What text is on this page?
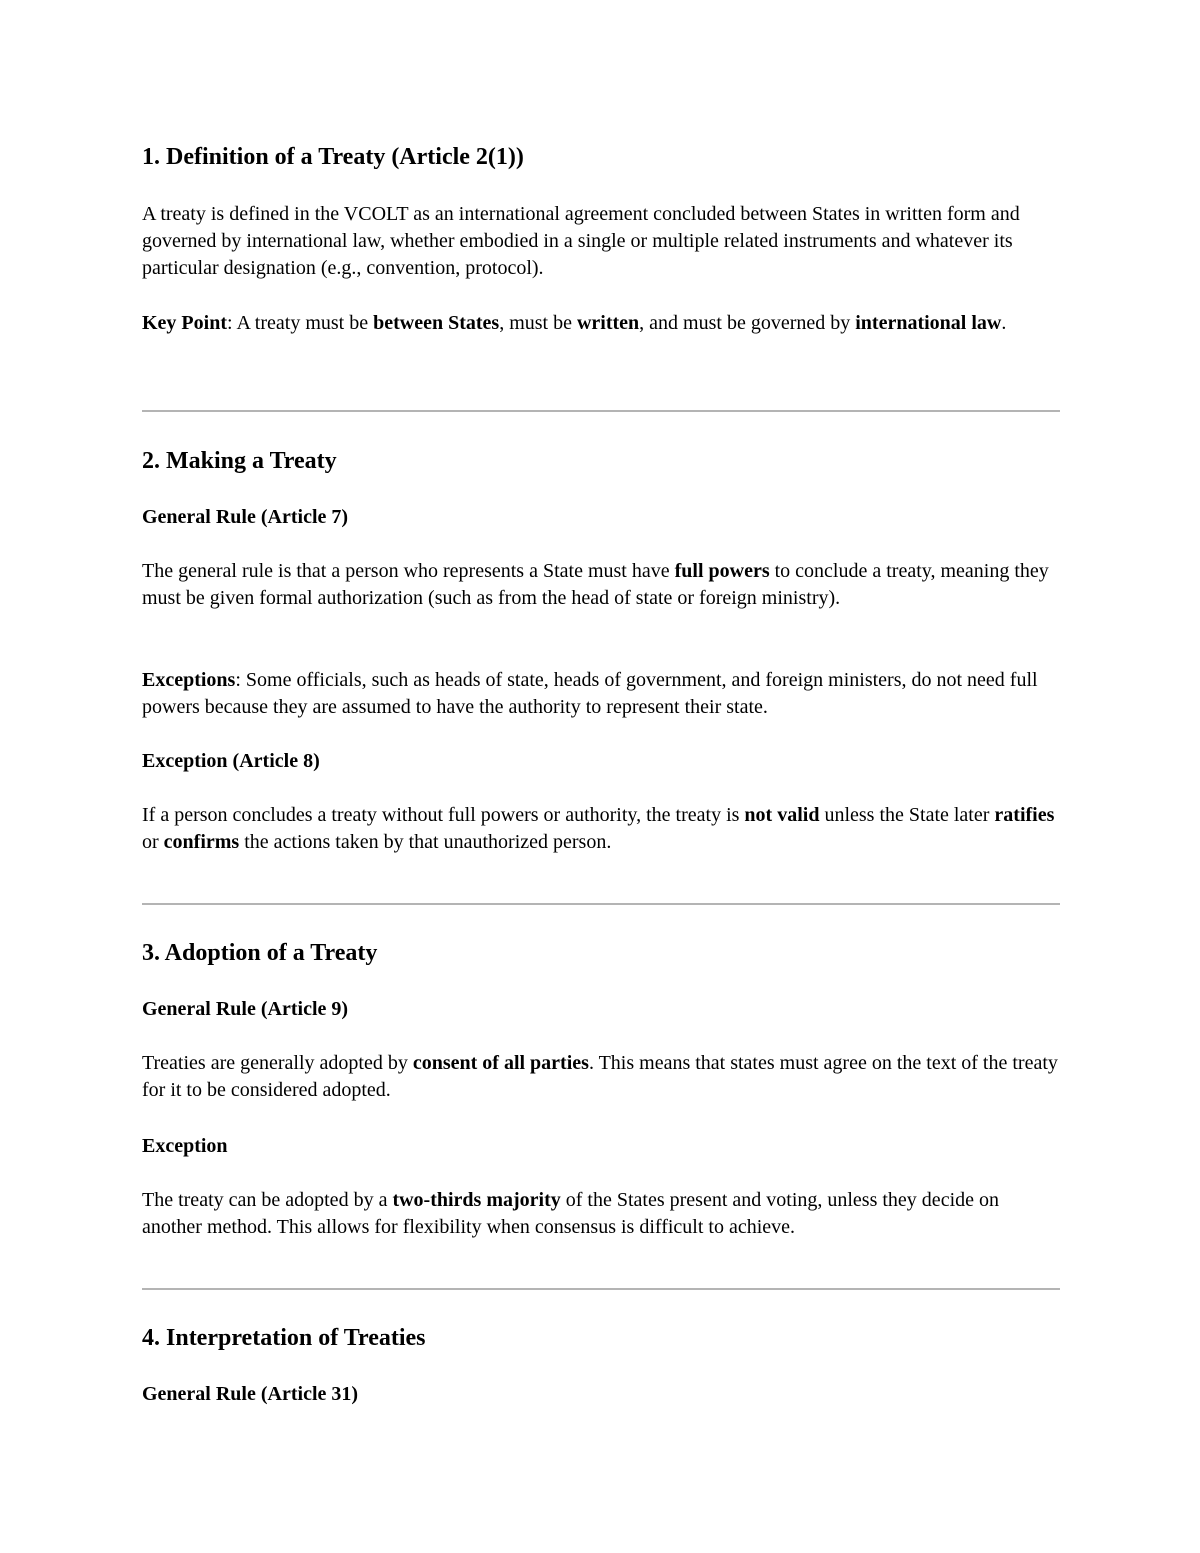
1. Definition of a Treaty (Article 2(1))

A treaty is defined in the VCOLT as an international agreement concluded between States in written form and governed by international law, whether embodied in a single or multiple related instruments and whatever its particular designation (e.g., convention, protocol).

Key Point: A treaty must be between States, must be written, and must be governed by international law.

2. Making a Treaty
General Rule (Article 7)

The general rule is that a person who represents a State must have full powers to conclude a treaty, meaning they must be given formal authorization (such as from the head of state or foreign ministry).

Exceptions: Some officials, such as heads of state, heads of government, and foreign ministers, do not need full powers because they are assumed to have the authority to represent their state.

Exception (Article 8)

If a person concludes a treaty without full powers or authority, the treaty is not valid unless the State later ratifies or confirms the actions taken by that unauthorized person.

3. Adoption of a Treaty
General Rule (Article 9)

Treaties are generally adopted by consent of all parties. This means that states must agree on the text of the treaty for it to be considered adopted.

Exception

The treaty can be adopted by a two-thirds majority of the States present and voting, unless they decide on another method. This allows for flexibility when consensus is difficult to achieve.

4. Interpretation of Treaties
General Rule (Article 31)
